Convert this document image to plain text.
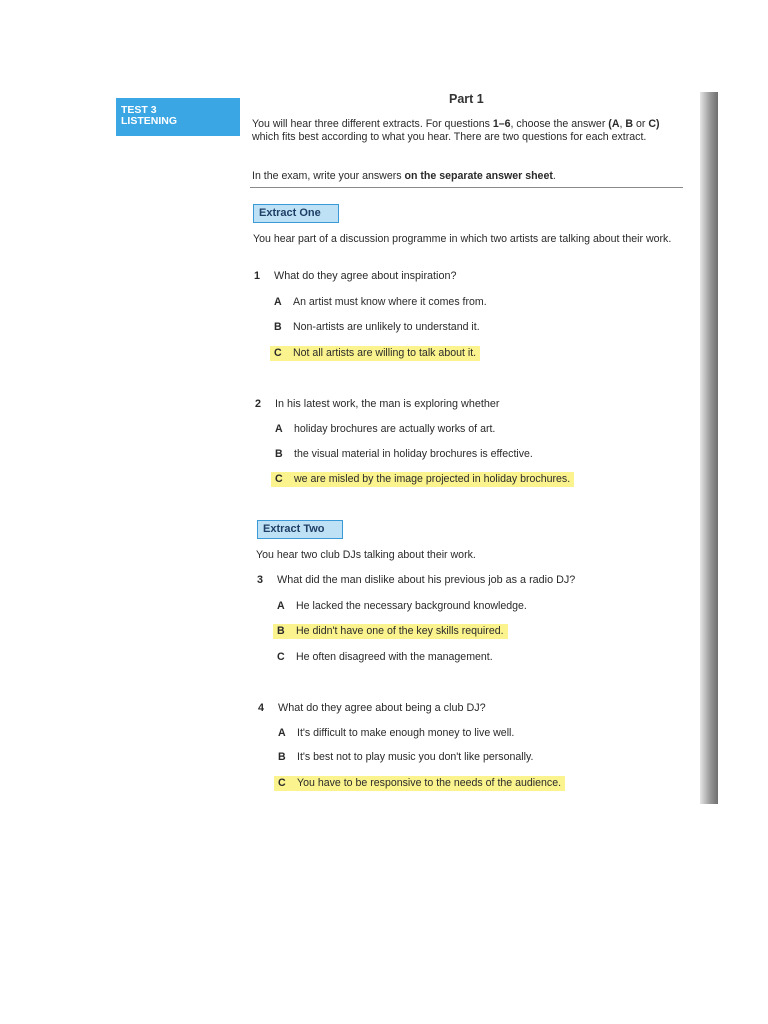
TEST 3
LISTENING
Part 1
You will hear three different extracts. For questions 1–6, choose the answer (A, B or C) which fits best according to what you hear. There are two questions for each extract.
In the exam, write your answers on the separate answer sheet.
Extract One
You hear part of a discussion programme in which two artists are talking about their work.
1 What do they agree about inspiration?
A An artist must know where it comes from.
B Non-artists are unlikely to understand it.
C Not all artists are willing to talk about it.
2 In his latest work, the man is exploring whether
A holiday brochures are actually works of art.
B the visual material in holiday brochures is effective.
C we are misled by the image projected in holiday brochures.
Extract Two
You hear two club DJs talking about their work.
3 What did the man dislike about his previous job as a radio DJ?
A He lacked the necessary background knowledge.
B He didn't have one of the key skills required.
C He often disagreed with the management.
4 What do they agree about being a club DJ?
A It's difficult to make enough money to live well.
B It's best not to play music you don't like personally.
C You have to be responsive to the needs of the audience.
